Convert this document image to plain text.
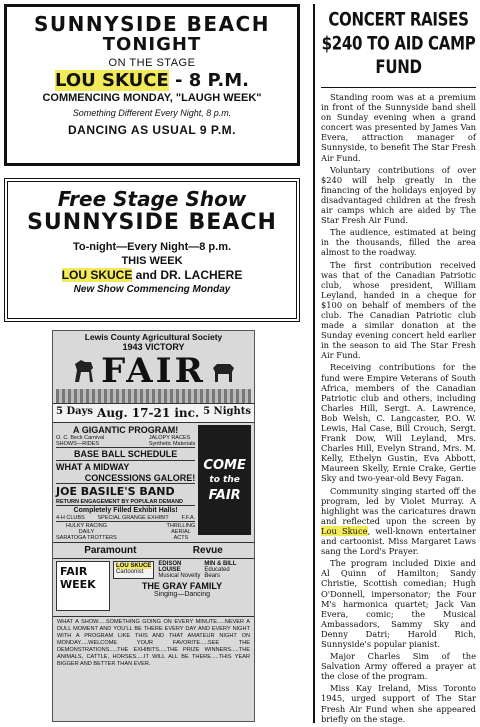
SUNNYSIDE BEACH
TONIGHT
ON THE STAGE
LOU SKUCE - 8 P.M.
COMMENCING MONDAY, "LAUGH WEEK"
Something Different Every Night, 8 p.m.
DANCING AS USUAL 9 P.M.
Free Stage Show
SUNNYSIDE BEACH
To-night—Every Night—8 p.m.
THIS WEEK
LOU SKUCE and DR. LACHERE
New Show Commencing Monday
Lewis County Agricultural Society
1943 VICTORY
FAIR
5 Days Aug. 17-21 inc. 5 Nights
A GIGANTIC PROGRAM!
O. C. Beck Carnival
SHOWS—RIDES
JALOPY RACES
Synthetic Materials
BASE BALL SCHEDULE
WHAT A MIDWAY
CONCESSIONS GALORE!
JOE BASILE'S BAND
RETURN ENGAGEMENT BY POPULAR DEMAND
Completely Filled Exhibit Halls!
4-H CLUBS SPECIAL GRANGE EXHIBIT F.F.A.
HULKY RACING
DAILY
SARATOGA TROTTERS
THRILLING
AERIAL
ACTS
COME
to the
FAIR
Paramount	Revue
FAIR WEEK
LOU SKUCE
Cartoonist
EDISON
LOUISE
Musical Novelty
MIN & BILL
Educated
Bears
THE GRAY FAMILY
Singing—Dancing
WHAT A SHOW.....SOMETHING GOING ON EVERY MINUTE.....NEVER A DULL MOMENT AND YOU'LL BE THERE EVERY DAY AND EVERY NIGHT WITH A PROGRAM LIKE THIS AND THAT AMATEUR NIGHT ON MONDAY.....WELCOME YOUR FAVORITE.....SEE THE DEMONSTRATIONS.....THE EXHIBITS.....THE PRIZE WINNERS.....THE ANIMALS, CATTLE, HORSES.....IT WILL ALL BE THERE.....THIS YEAR BIGGER AND BETTER THAN EVER.
CONCERT RAISES $240 TO AID CAMP FUND

Standing room was at a premium in front of the Sunnyside band shell on Sunday evening when a grand concert was presented by James Van Evera, attraction manager of Sunnyside, to benefit The Star Fresh Air Fund.

Voluntary contributions of over $240 will help greatly in the financing of the holidays enjoyed by disadvantaged children at the fresh air camps which are aided by The Star Fresh Air Fund.

The audience, estimated at being in the thousands, filled the area almost to the roadway.

The first contribution received was that of the Canadian Patriotic club, whose president, William Leyland, handed in a cheque for $100 on behalf of members of the club. The Canadian Patriotic club made a similar donation at the Sunday evening concert held earlier in the season to aid The Star Fresh Air Fund.

Receiving contributions for the fund were Empire Veterans of South Africa, members of the Canadian Patriotic club and others, including Charles Hill, Sergt. A. Lawrence, Bob Welsh, C. Langcaster, P.O. W. Lewis, Hal Case, Bill Crouch, Sergt. Frank Dow, Will Leyland, Mrs. Charles Hill, Evelyn Strand, Mrs. M. Kelly, Ethelyn Gustin, Eva Abbott, Maureen Skelly, Ernie Crake, Gertie Sky and two-year-old Bevy Fagan.

Community singing started off the program, led by Violet Murray. A highlight was the caricatures drawn and reflected upon the screen by Lou Skuce, well-known entertainer and cartoonist. Miss Margaret Laws sang the Lord's Prayer.

The program included Dixie and Al Quinn of Hamilton; Sandy Christie, Scottish comedian; Hugh O'Donnell, impersonator; the Four M's harmonica quartet; Jack Van Evera, comic; the Musical Ambassadors, Sammy Sky and Denny Datri; Harold Rich, Sunnyside's popular pianist.

Major Charles Sim of the Salvation Army offered a prayer at the close of the program.

Miss Kay Ireland, Miss Toronto 1945, urged support of The Star Fresh Air Fund when she appeared briefly on the stage.
